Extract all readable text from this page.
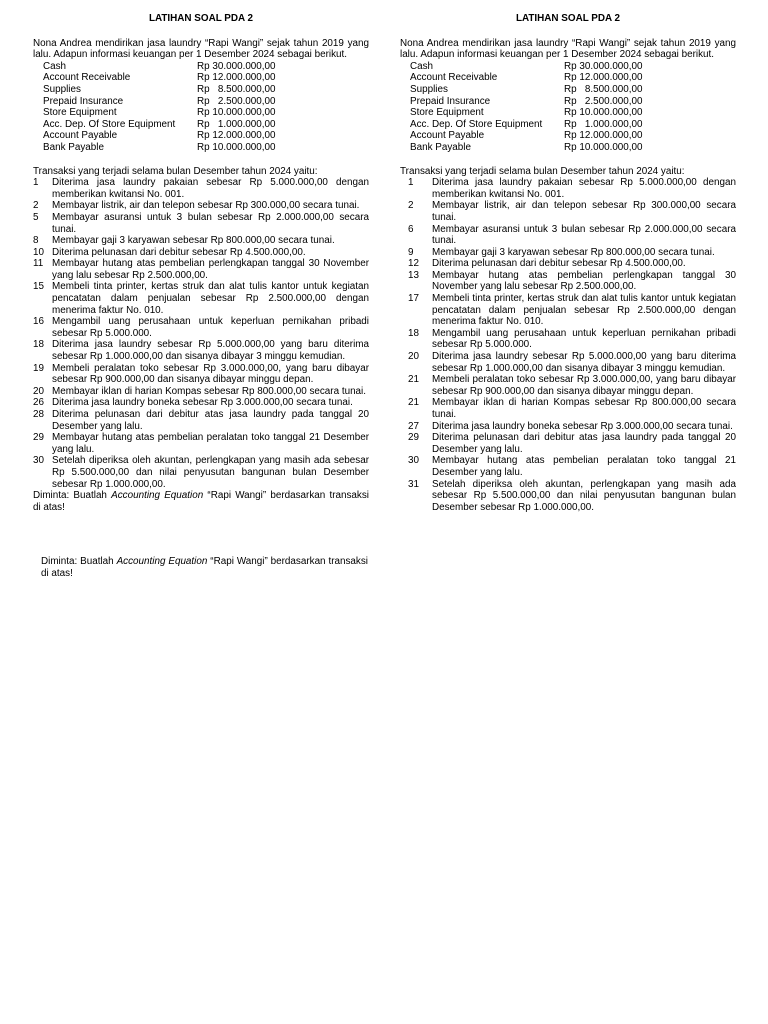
LATIHAN SOAL PDA 2

Nona Andrea mendirikan jasa laundry “Rapi Wangi” sejak tahun 2019 yang lalu. Adapun informasi keuangan per 1 Desember 2024 sebagai berikut.

Cash	Rp 30.000.000,00
Account Receivable	Rp 12.000.000,00
Supplies	Rp   8.500.000,00
Prepaid Insurance	Rp   2.500.000,00
Store Equipment	Rp 10.000.000,00
Acc. Dep. Of Store Equipment	Rp   1.000.000,00
Account Payable	Rp 12.000.000,00
Bank Payable	Rp 10.000.000,00

Transaksi yang terjadi selama bulan Desember tahun 2024 yaitu:

1	Diterima jasa laundry pakaian sebesar Rp 5.000.000,00 dengan memberikan kwitansi No. 001.
2	Membayar listrik, air dan telepon sebesar Rp 300.000,00 secara tunai.
5	Membayar asuransi untuk 3 bulan sebesar Rp 2.000.000,00 secara tunai.
8	Membayar gaji 3 karyawan sebesar Rp 800.000,00 secara tunai.
10 Diterima pelunasan dari debitur sebesar Rp 4.500.000,00.
11 Membayar hutang atas pembelian perlengkapan tanggal 30 November yang lalu sebesar Rp 2.500.000,00.
15 Membeli tinta printer, kertas struk dan alat tulis kantor untuk kegiatan pencatatan dalam penjualan sebesar Rp 2.500.000,00 dengan menerima faktur No. 010.
16 Mengambil uang perusahaan untuk keperluan pernikahan pribadi sebesar Rp 5.000.000.
18 Diterima jasa laundry sebesar Rp 5.000.000,00 yang baru diterima sebesar Rp 1.000.000,00 dan sisanya dibayar 3 minggu kemudian.
19 Membeli peralatan toko sebesar Rp 3.000.000,00, yang baru dibayar sebesar Rp 900.000,00 dan sisanya dibayar minggu depan.
20 Membayar iklan di harian Kompas sebesar Rp 800.000,00 secara tunai.
26 Diterima jasa laundry boneka sebesar Rp 3.000.000,00 secara tunai.
28 Diterima pelunasan dari debitur atas jasa laundry pada tanggal 20 Desember yang lalu.
29 Membayar hutang atas pembelian peralatan toko tanggal 21 Desember yang lalu.
30 Setelah diperiksa oleh akuntan, perlengkapan yang masih ada sebesar Rp 5.500.000,00 dan nilai penyusutan bangunan bulan Desember sebesar Rp 1.000.000,00.

Diminta: Buatlah Accounting Equation “Rapi Wangi” berdasarkan transaksi di atas!

Diminta: Buatlah Accounting Equation “Rapi Wangi” berdasarkan transaksi di atas!

LATIHAN SOAL PDA 2

Nona Andrea mendirikan jasa laundry “Rapi Wangi” sejak tahun 2019 yang lalu. Adapun informasi keuangan per 1 Desember 2024 sebagai berikut.

Cash	Rp 30.000.000,00
Account Receivable	Rp 12.000.000,00
Supplies	Rp   8.500.000,00
Prepaid Insurance	Rp   2.500.000,00
Store Equipment	Rp 10.000.000,00
Acc. Dep. Of Store Equipment	Rp   1.000.000,00
Account Payable	Rp 12.000.000,00
Bank Payable	Rp 10.000.000,00

Transaksi yang terjadi selama bulan Desember tahun 2024 yaitu:

1	Diterima jasa laundry pakaian sebesar Rp 5.000.000,00 dengan memberikan kwitansi No. 001.
2	Membayar listrik, air dan telepon sebesar Rp 300.000,00 secara tunai.
6	Membayar asuransi untuk 3 bulan sebesar Rp 2.000.000,00 secara tunai.
9	Membayar gaji 3 karyawan sebesar Rp 800.000,00 secara tunai.
12	Diterima pelunasan dari debitur sebesar Rp 4.500.000,00.
13	Membayar hutang atas pembelian perlengkapan tanggal 30 November yang lalu sebesar Rp 2.500.000,00.
17	Membeli tinta printer, kertas struk dan alat tulis kantor untuk kegiatan pencatatan dalam penjualan sebesar Rp 2.500.000,00 dengan menerima faktur No. 010.
18	Mengambil uang perusahaan untuk keperluan pernikahan pribadi sebesar Rp 5.000.000.
20	Diterima jasa laundry sebesar Rp 5.000.000,00 yang baru diterima sebesar Rp 1.000.000,00 dan sisanya dibayar 3 minggu kemudian.
21	Membeli peralatan toko sebesar Rp 3.000.000,00, yang baru dibayar sebesar Rp 900.000,00 dan sisanya dibayar minggu depan.
21	Membayar iklan di harian Kompas sebesar Rp 800.000,00 secara tunai.
27	Diterima jasa laundry boneka sebesar Rp 3.000.000,00 secara tunai.
29	Diterima pelunasan dari debitur atas jasa laundry pada tanggal 20 Desember yang lalu.
30	Membayar hutang atas pembelian peralatan toko tanggal 21 Desember yang lalu.
31	Setelah diperiksa oleh akuntan, perlengkapan yang masih ada sebesar Rp 5.500.000,00 dan nilai penyusutan bangunan bulan Desember sebesar Rp 1.000.000,00.
